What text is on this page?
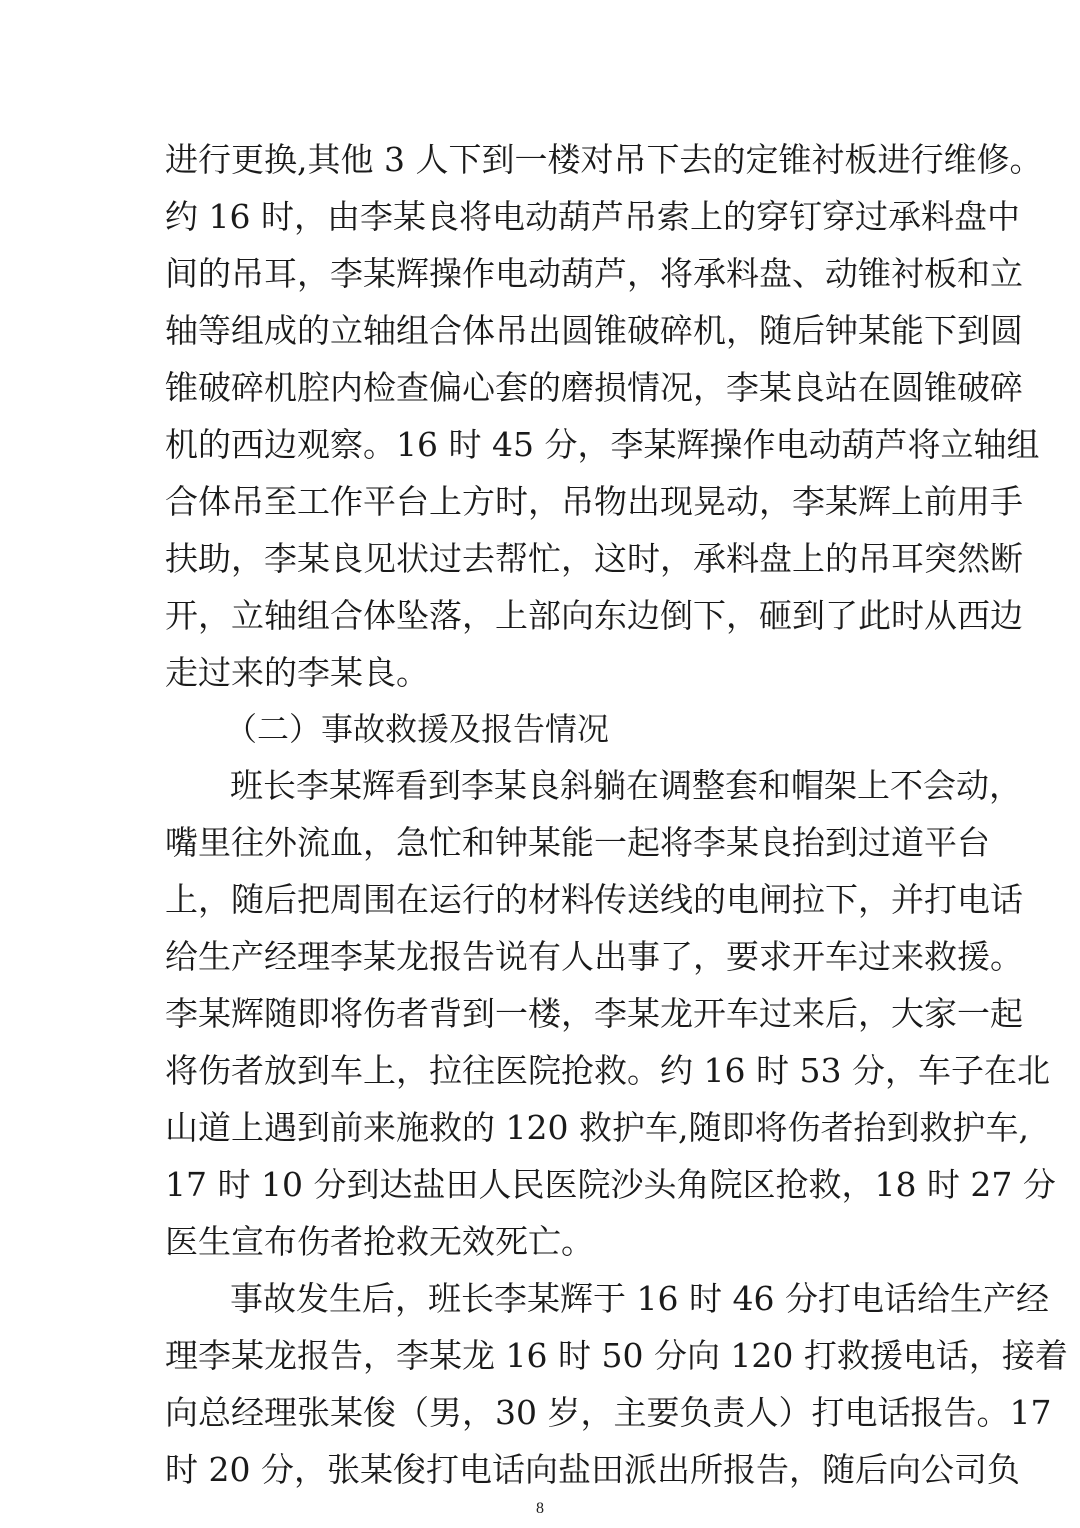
进行更换,其他 3 人下到一楼对吊下去的定锥衬板进行维修。
约 16 时，由李某良将电动葫芦吊索上的穿钉穿过承料盘中
间的吊耳，李某辉操作电动葫芦，将承料盘、动锥衬板和立
轴等组成的立轴组合体吊出圆锥破碎机，随后钟某能下到圆
锥破碎机腔内检查偏心套的磨损情况，李某良站在圆锥破碎
机的西边观察。16 时 45 分，李某辉操作电动葫芦将立轴组
合体吊至工作平台上方时，吊物出现晃动，李某辉上前用手
扶助，李某良见状过去帮忙，这时，承料盘上的吊耳突然断
开，立轴组合体坠落，上部向东边倒下，砸到了此时从西边
走过来的李某良。
（二）事故救援及报告情况
班长李某辉看到李某良斜躺在调整套和帽架上不会动，
嘴里往外流血，急忙和钟某能一起将李某良抬到过道平台
上，随后把周围在运行的材料传送线的电闸拉下，并打电话
给生产经理李某龙报告说有人出事了，要求开车过来救援。
李某辉随即将伤者背到一楼，李某龙开车过来后，大家一起
将伤者放到车上，拉往医院抢救。约 16 时 53 分，车子在北
山道上遇到前来施救的 120 救护车,随即将伤者抬到救护车,
17 时 10 分到达盐田人民医院沙头角院区抢救，18 时 27 分
医生宣布伤者抢救无效死亡。
事故发生后，班长李某辉于 16 时 46 分打电话给生产经
理李某龙报告，李某龙 16 时 50 分向 120 打救援电话，接着
向总经理张某俊（男，30 岁，主要负责人）打电话报告。17
时 20 分，张某俊打电话向盐田派出所报告，随后向公司负
8
